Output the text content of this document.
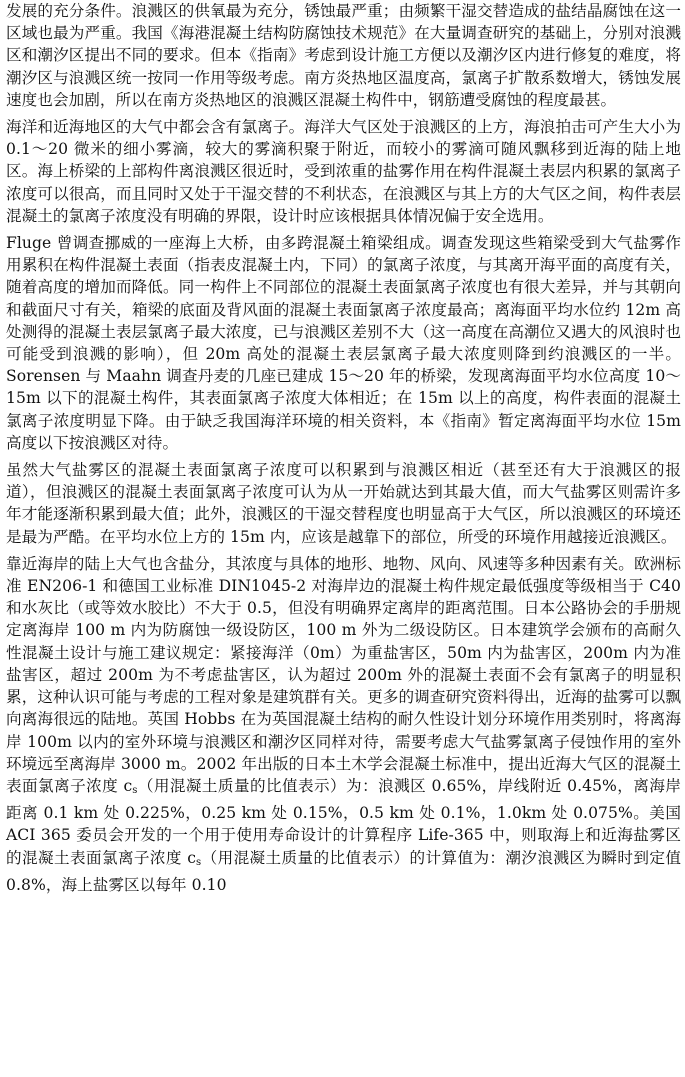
发展的充分条件。浪溅区的供氧最为充分，锈蚀最严重；由频繁干湿交替造成的盐结晶腐蚀在这一区域也最为严重。我国《海港混凝土结构防腐蚀技术规范》在大量调查研究的基础上，分别对浪溅区和潮汐区提出不同的要求。但本《指南》考虑到设计施工方便以及潮汐区内进行修复的难度，将潮汐区与浪溅区统一按同一作用等级考虑。南方炎热地区温度高，氯离子扩散系数增大，锈蚀发展速度也会加剧，所以在南方炎热地区的浪溅区混凝土构件中，钢筋遭受腐蚀的程度最甚。

海洋和近海地区的大气中都会含有氯离子。海洋大气区处于浪溅区的上方，海浪拍击可产生大小为 0.1～20 微米的细小雾滴，较大的雾滴积聚于附近，而较小的雾滴可随风飘移到近海的陆上地区。海上桥梁的上部构件离浪溅区很近时，受到浓重的盐雾作用在构件混凝土表层内积累的氯离子浓度可以很高，而且同时又处于干湿交替的不利状态，在浪溅区与其上方的大气区之间，构件表层混凝土的氯离子浓度没有明确的界限，设计时应该根据具体情况偏于安全选用。

Fluge 曾调查挪威的一座海上大桥，由多跨混凝土箱梁组成。调查发现这些箱梁受到大气盐雾作用累积在构件混凝土表面（指表皮混凝土内，下同）的氯离子浓度，与其离开海平面的高度有关，随着高度的增加而降低。同一构件上不同部位的混凝土表面氯离子浓度也有很大差异，并与其朝向和截面尺寸有关，箱梁的底面及背风面的混凝土表面氯离子浓度最高；离海面平均水位约 12m 高处测得的混凝土表层氯离子最大浓度，已与浪溅区差别不大（这一高度在高潮位又遇大的风浪时也可能受到浪溅的影响），但 20m 高处的混凝土表层氯离子最大浓度则降到约浪溅区的一半。Sorensen 与 Maahn 调查丹麦的几座已建成 15～20 年的桥梁，发现离海面平均水位高度 10～15m 以下的混凝土构件，其表面氯离子浓度大体相近；在 15m 以上的高度，构件表面的混凝土氯离子浓度明显下降。由于缺乏我国海洋环境的相关资料，本《指南》暂定离海面平均水位 15m 高度以下按浪溅区对待。

虽然大气盐雾区的混凝土表面氯离子浓度可以积累到与浪溅区相近（甚至还有大于浪溅区的报道），但浪溅区的混凝土表面氯离子浓度可认为从一开始就达到其最大值，而大气盐雾区则需许多年才能逐渐积累到最大值；此外，浪溅区的干湿交替程度也明显高于大气区，所以浪溅区的环境还是最为严酷。在平均水位上方的 15m 内，应该是越靠下的部位，所受的环境作用越接近浪溅区。

靠近海岸的陆上大气也含盐分，其浓度与具体的地形、地物、风向、风速等多种因素有关。欧洲标准 EN206-1 和德国工业标准 DIN1045-2 对海岸边的混凝土构件规定最低强度等级相当于 C40 和水灰比（或等效水胶比）不大于 0.5，但没有明确界定离岸的距离范围。日本公路协会的手册规定离海岸 100 m 内为防腐蚀一级设防区，100 m 外为二级设防区。日本建筑学会颁布的高耐久性混凝土设计与施工建议规定：紧接海洋（0m）为重盐害区，50m 内为盐害区，200m 内为准盐害区，超过 200m 为不考虑盐害区，认为超过 200m 外的混凝土表面不会有氯离子的明显积累，这种认识可能与考虑的工程对象是建筑群有关。更多的调查研究资料得出，近海的盐雾可以飘向离海很远的陆地。英国 Hobbs 在为英国混凝土结构的耐久性设计划分环境作用类别时，将离海岸 100m 以内的室外环境与浪溅区和潮汐区同样对待，需要考虑大气盐雾氯离子侵蚀作用的室外环境远至离海岸 3000 m。2002 年出版的日本土木学会混凝土标准中，提出近海大气区的混凝土表面氯离子浓度 $c_s$（用混凝土质量的比值表示）为：浪溅区 0.65%，岸线附近 0.45%，离海岸距离 0.1 km 处 0.225%，0.25 km 处 0.15%，0.5 km 处 0.1%，1.0km 处 0.075%。美国 ACI 365 委员会开发的一个用于使用寿命设计的计算程序 Life-365 中，则取海上和近海盐雾区的混凝土表面氯离子浓度 $c_s$（用混凝土质量的比值表示）的计算值为：潮汐浪溅区为瞬时到定值 0.8%，海上盐雾区以每年 0.10
